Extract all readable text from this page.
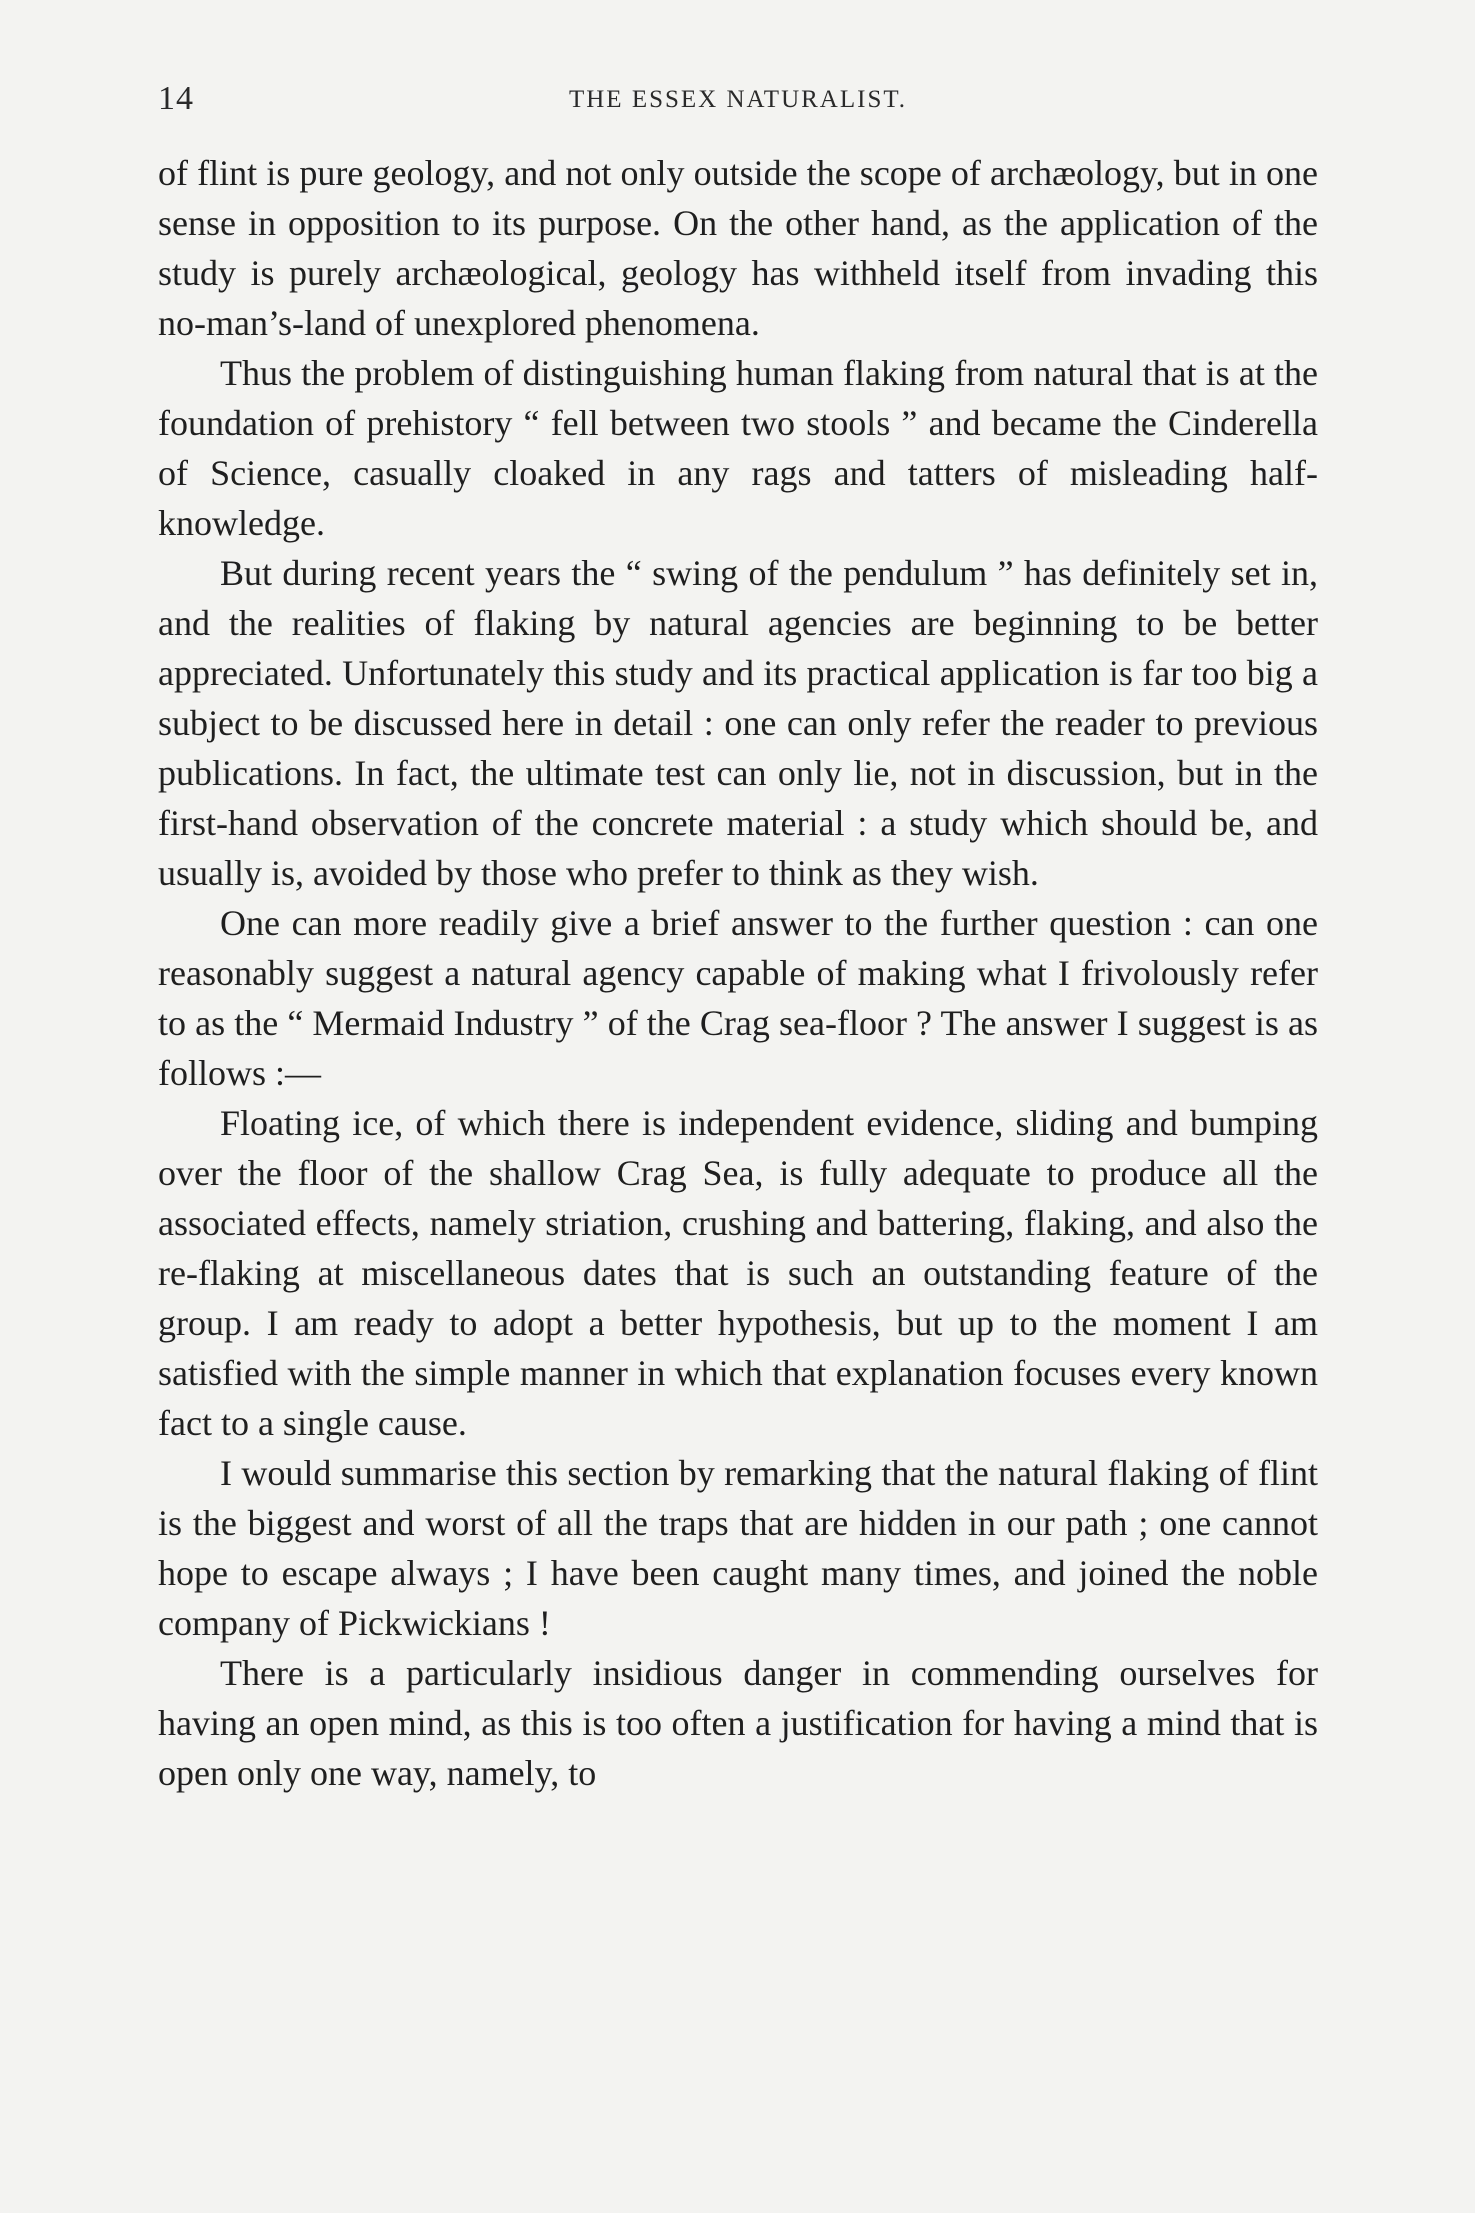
14	THE ESSEX NATURALIST.

of flint is pure geology, and not only outside the scope of archæology, but in one sense in opposition to its purpose. On the other hand, as the application of the study is purely archæological, geology has withheld itself from invading this no-man’s-land of unexplored phenomena.

Thus the problem of distinguishing human flaking from natural that is at the foundation of prehistory “ fell between two stools ” and became the Cinderella of Science, casually cloaked in any rags and tatters of misleading half-knowledge.

But during recent years the “ swing of the pendulum ” has definitely set in, and the realities of flaking by natural agencies are beginning to be better appreciated. Unfortunately this study and its practical application is far too big a subject to be discussed here in detail : one can only refer the reader to previous publications. In fact, the ultimate test can only lie, not in discussion, but in the first-hand observation of the concrete material : a study which should be, and usually is, avoided by those who prefer to think as they wish.

One can more readily give a brief answer to the further question : can one reasonably suggest a natural agency capable of making what I frivolously refer to as the “ Mermaid Industry ” of the Crag sea-floor ? The answer I suggest is as follows :—

Floating ice, of which there is independent evidence, sliding and bumping over the floor of the shallow Crag Sea, is fully adequate to produce all the associated effects, namely striation, crushing and battering, flaking, and also the re-flaking at miscellaneous dates that is such an outstanding feature of the group. I am ready to adopt a better hypothesis, but up to the moment I am satisfied with the simple manner in which that explanation focuses every known fact to a single cause.

I would summarise this section by remarking that the natural flaking of flint is the biggest and worst of all the traps that are hidden in our path ; one cannot hope to escape always ; I have been caught many times, and joined the noble company of Pickwickians !

There is a particularly insidious danger in commending ourselves for having an open mind, as this is too often a justification for having a mind that is open only one way, namely, to
